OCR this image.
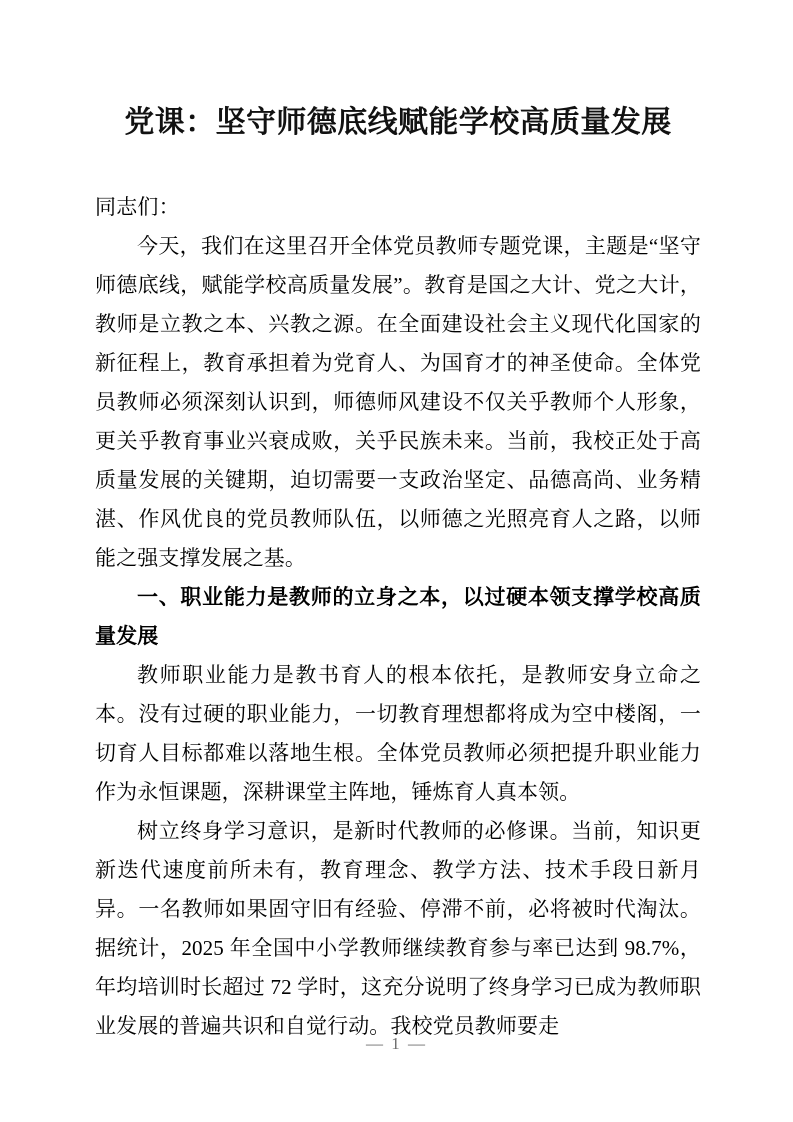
党课：坚守师德底线赋能学校高质量发展

同志们：

今天，我们在这里召开全体党员教师专题党课，主题是“坚守师德底线，赋能学校高质量发展”。教育是国之大计、党之大计，教师是立教之本、兴教之源。在全面建设社会主义现代化国家的新征程上，教育承担着为党育人、为国育才的神圣使命。全体党员教师必须深刻认识到，师德师风建设不仅关乎教师个人形象，更关乎教育事业兴衰成败，关乎民族未来。当前，我校正处于高质量发展的关键期，迫切需要一支政治坚定、品德高尚、业务精湛、作风优良的党员教师队伍，以师德之光照亮育人之路，以师能之强支撑发展之基。

一、职业能力是教师的立身之本，以过硬本领支撑学校高质量发展

教师职业能力是教书育人的根本依托，是教师安身立命之本。没有过硬的职业能力，一切教育理想都将成为空中楼阁，一切育人目标都难以落地生根。全体党员教师必须把提升职业能力作为永恒课题，深耕课堂主阵地，锤炼育人真本领。

树立终身学习意识，是新时代教师的必修课。当前，知识更新迭代速度前所未有，教育理念、教学方法、技术手段日新月异。一名教师如果固守旧有经验、停滞不前，必将被时代淘汰。据统计，2025 年全国中小学教师继续教育参与率已达到 98.7%，年均培训时长超过 72 学时，这充分说明了终身学习已成为教师职业发展的普遍共识和自觉行动。我校党员教师要走

— 1 —
